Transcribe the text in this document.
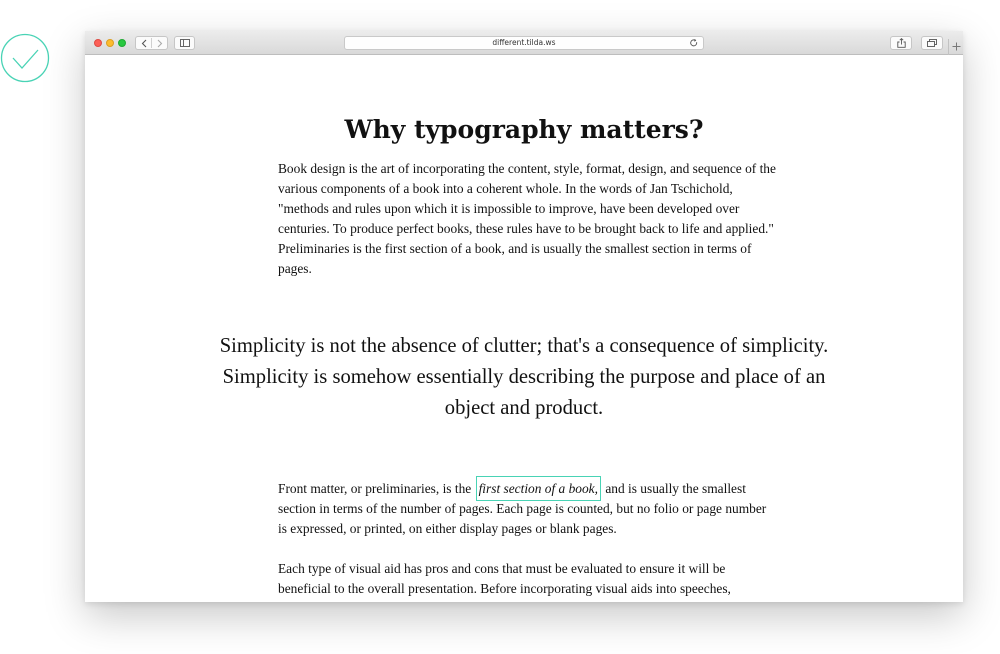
different.tilda.ws
Why typography matters?

Book design is the art of incorporating the content, style, format, design, and sequence of the various components of a book into a coherent whole. In the words of Jan Tschichold, "methods and rules upon which it is impossible to improve, have been developed over centuries. To produce perfect books, these rules have to be brought back to life and applied." Preliminaries is the first section of a book, and is usually the smallest section in terms of pages.

Simplicity is not the absence of clutter; that's a consequence of simplicity. Simplicity is somehow essentially describing the purpose and place of an object and product.

Front matter, or preliminaries, is the first section of a book, and is usually the smallest section in terms of the number of pages. Each page is counted, but no folio or page number is expressed, or printed, on either display pages or blank pages.

Each type of visual aid has pros and cons that must be evaluated to ensure it will be beneficial to the overall presentation. Before incorporating visual aids into speeches,
